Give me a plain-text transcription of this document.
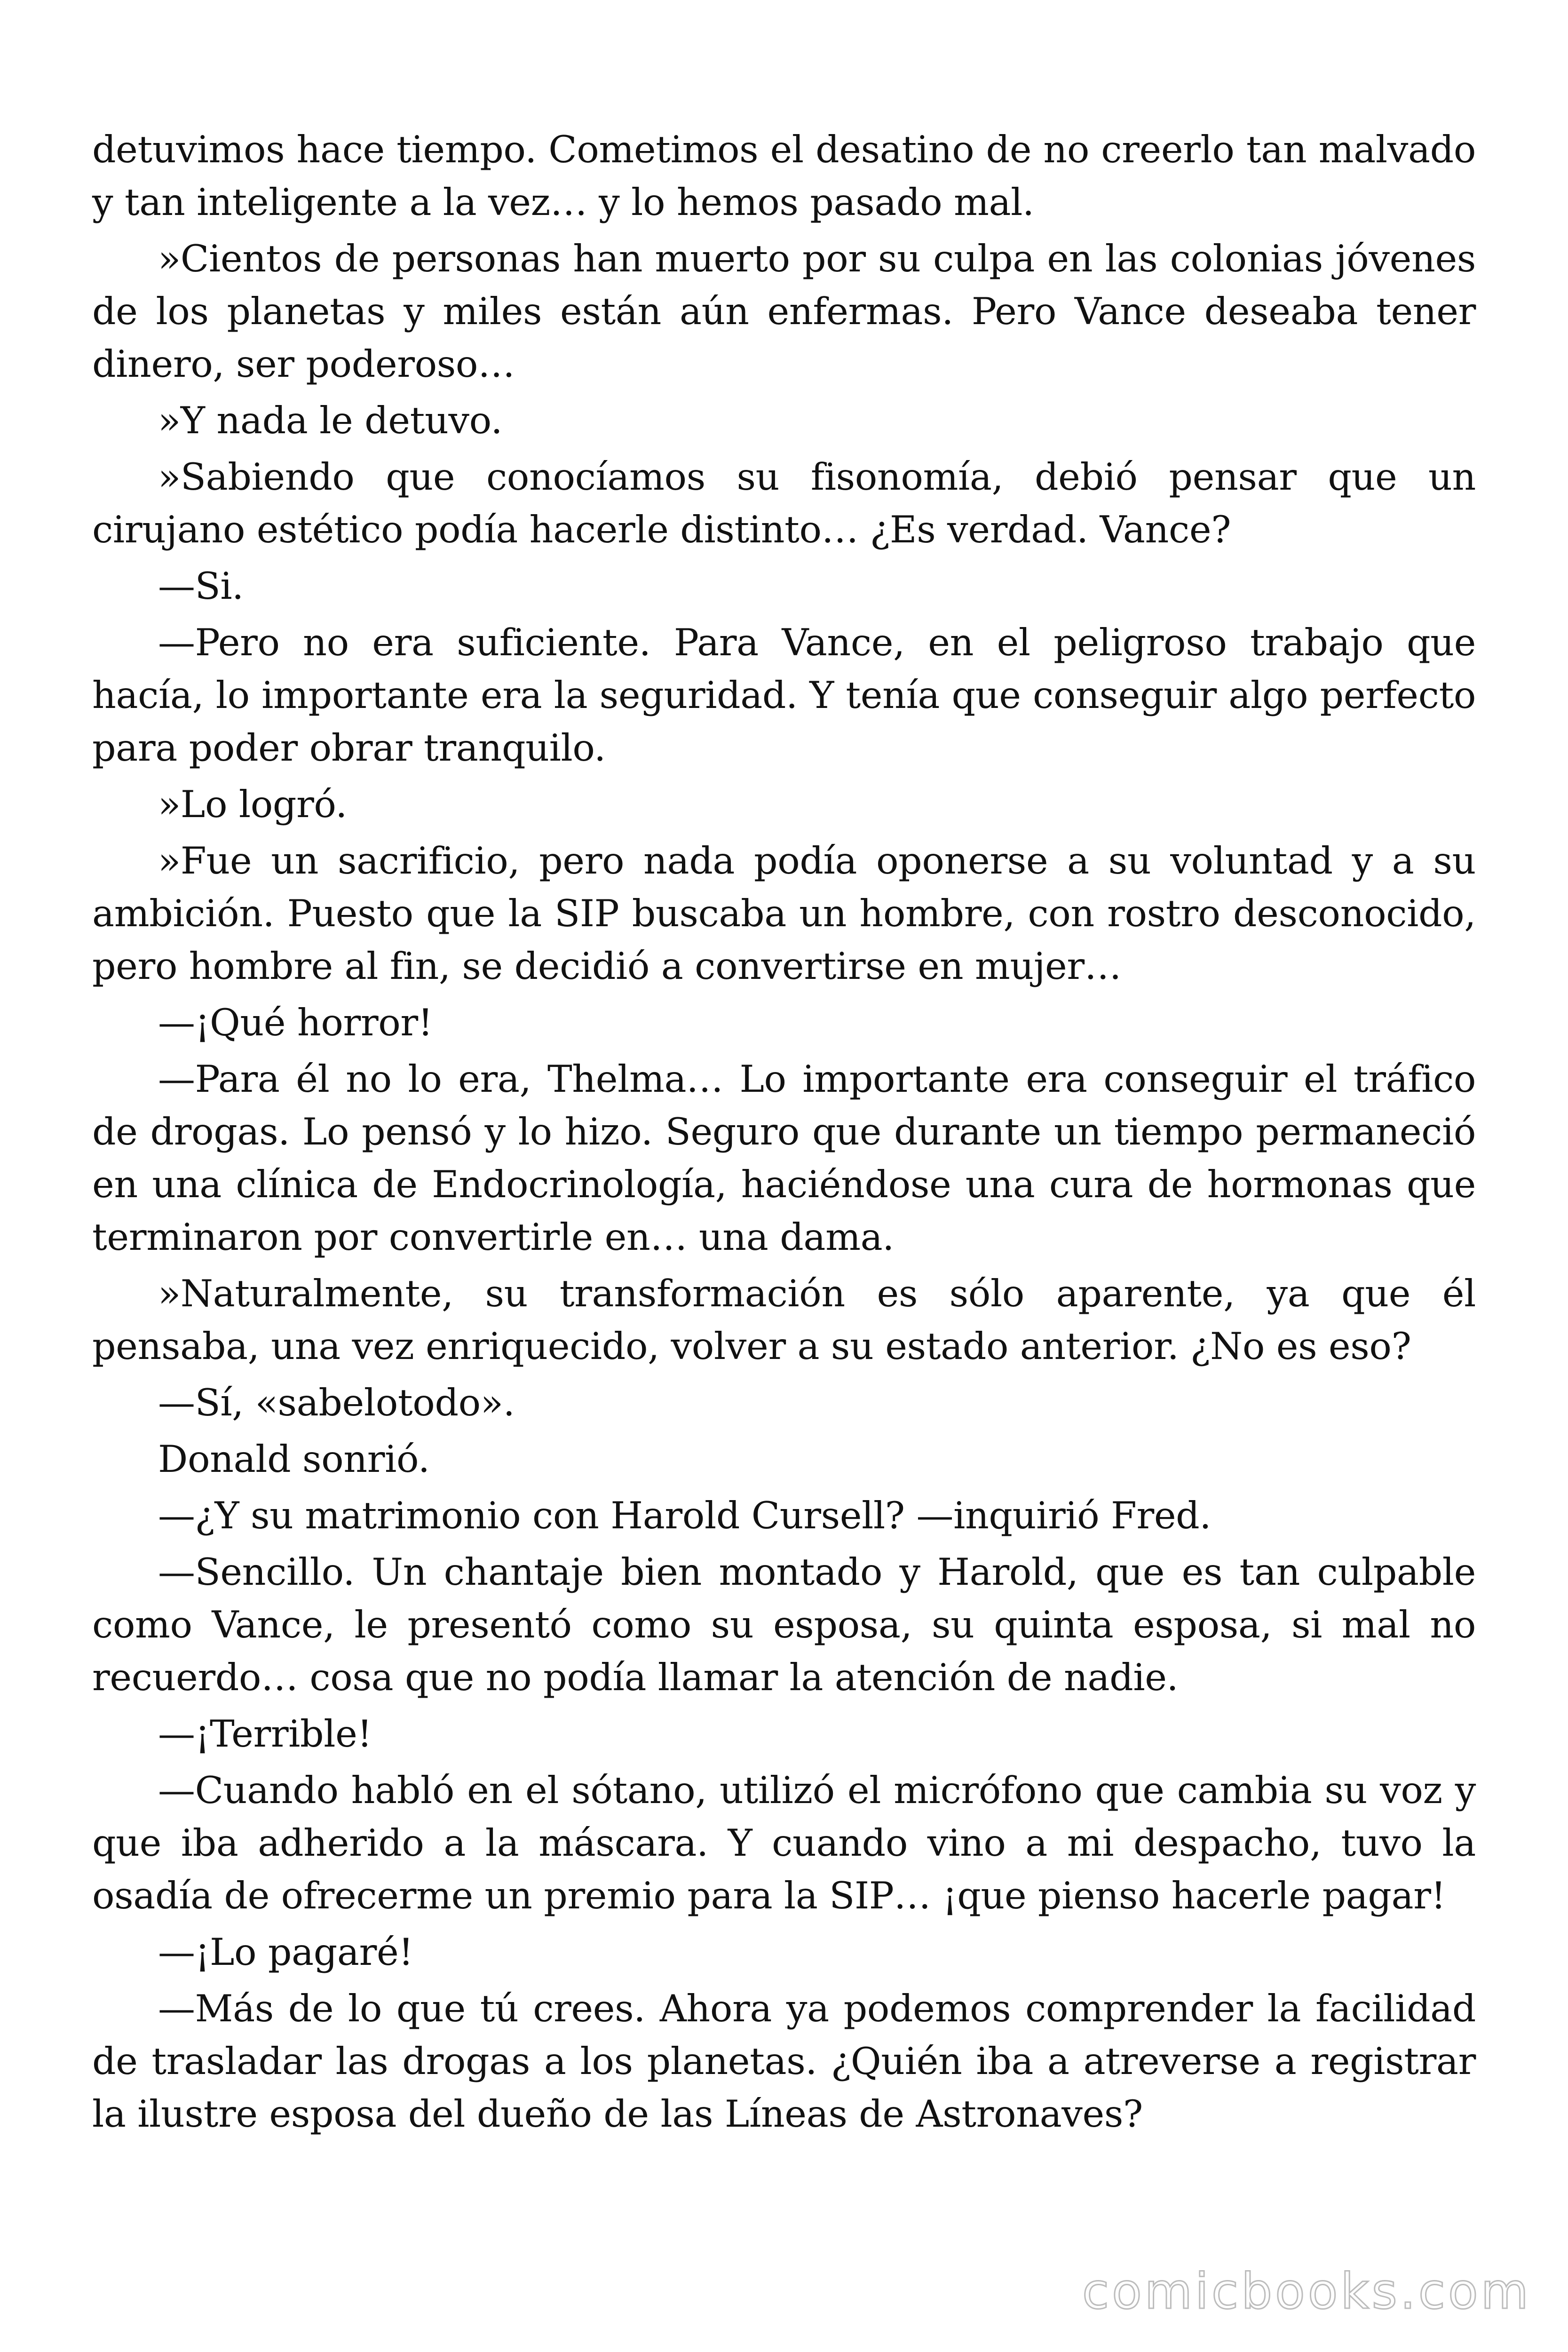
detuvimos hace tiempo. Cometimos el desatino de no creerlo tan malvado y tan inteligente a la vez… y lo hemos pasado mal.

»Cientos de personas han muerto por su culpa en las colonias jóvenes de los planetas y miles están aún enfermas. Pero Vance deseaba tener dinero, ser poderoso…

»Y nada le detuvo.

»Sabiendo que conocíamos su fisonomía, debió pensar que un cirujano estético podía hacerle distinto… ¿Es verdad. Vance?

—Si.

—Pero no era suficiente. Para Vance, en el peligroso trabajo que hacía, lo importante era la seguridad. Y tenía que conseguir algo perfecto para poder obrar tranquilo.

»Lo logró.

»Fue un sacrificio, pero nada podía oponerse a su voluntad y a su ambición. Puesto que la SIP buscaba un hombre, con rostro desconocido, pero hombre al fin, se decidió a convertirse en mujer…

—¡Qué horror!

—Para él no lo era, Thelma… Lo importante era conseguir el tráfico de drogas. Lo pensó y lo hizo. Seguro que durante un tiempo permaneció en una clínica de Endocrinología, haciéndose una cura de hormonas que terminaron por convertirle en… una dama.

»Naturalmente, su transformación es sólo aparente, ya que él pensaba, una vez enriquecido, volver a su estado anterior. ¿No es eso?

—Sí, «sabelotodo».

Donald sonrió.

—¿Y su matrimonio con Harold Cursell? —inquirió Fred.

—Sencillo. Un chantaje bien montado y Harold, que es tan culpable como Vance, le presentó como su esposa, su quinta esposa, si mal no recuerdo… cosa que no podía llamar la atención de nadie.

—¡Terrible!

—Cuando habló en el sótano, utilizó el micrófono que cambia su voz y que iba adherido a la máscara. Y cuando vino a mi despacho, tuvo la osadía de ofrecerme un premio para la SIP… ¡que pienso hacerle pagar!

—¡Lo pagaré!

—Más de lo que tú crees. Ahora ya podemos comprender la facilidad de trasladar las drogas a los planetas. ¿Quién iba a atreverse a registrar la ilustre esposa del dueño de las Líneas de Astronaves?

comicbooks.com
